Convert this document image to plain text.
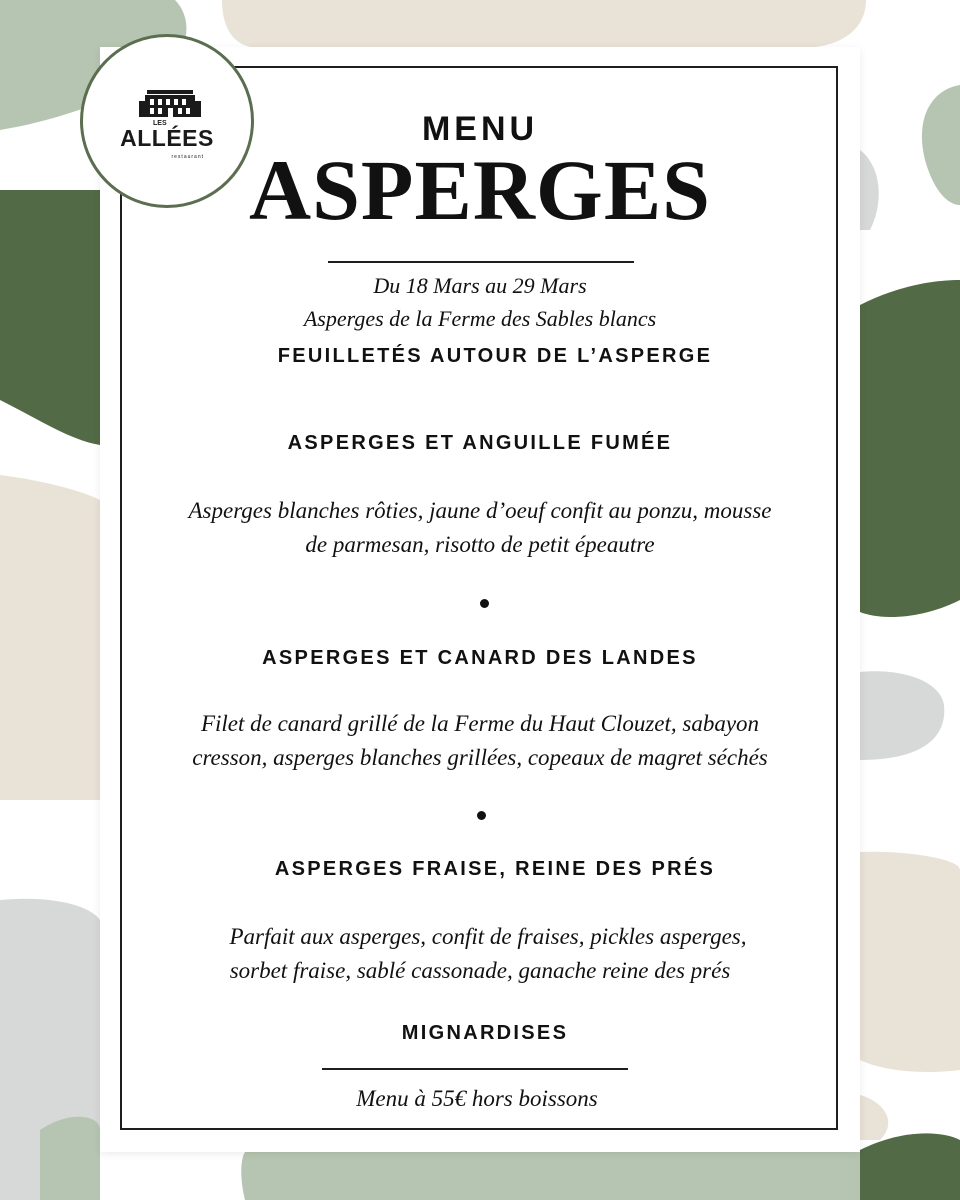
LES
ALLÉES
restaurant
MENU
ASPERGES
Du 18 Mars au 29 Mars
Asperges de la Ferme des Sables blancs
FEUILLETÉS AUTOUR DE L’ASPERGE
ASPERGES ET ANGUILLE FUMÉE
Asperges blanches rôties, jaune d’oeuf confit au ponzu, mousse
de parmesan, risotto de petit épeautre
ASPERGES ET CANARD DES LANDES
Filet de canard grillé de la Ferme du Haut Clouzet, sabayon
cresson, asperges blanches grillées, copeaux de magret séchés
ASPERGES FRAISE, REINE DES PRÉS
Parfait aux asperges, confit de fraises, pickles asperges,
sorbet fraise, sablé cassonade, ganache reine des prés
MIGNARDISES
Menu à 55€ hors boissons
